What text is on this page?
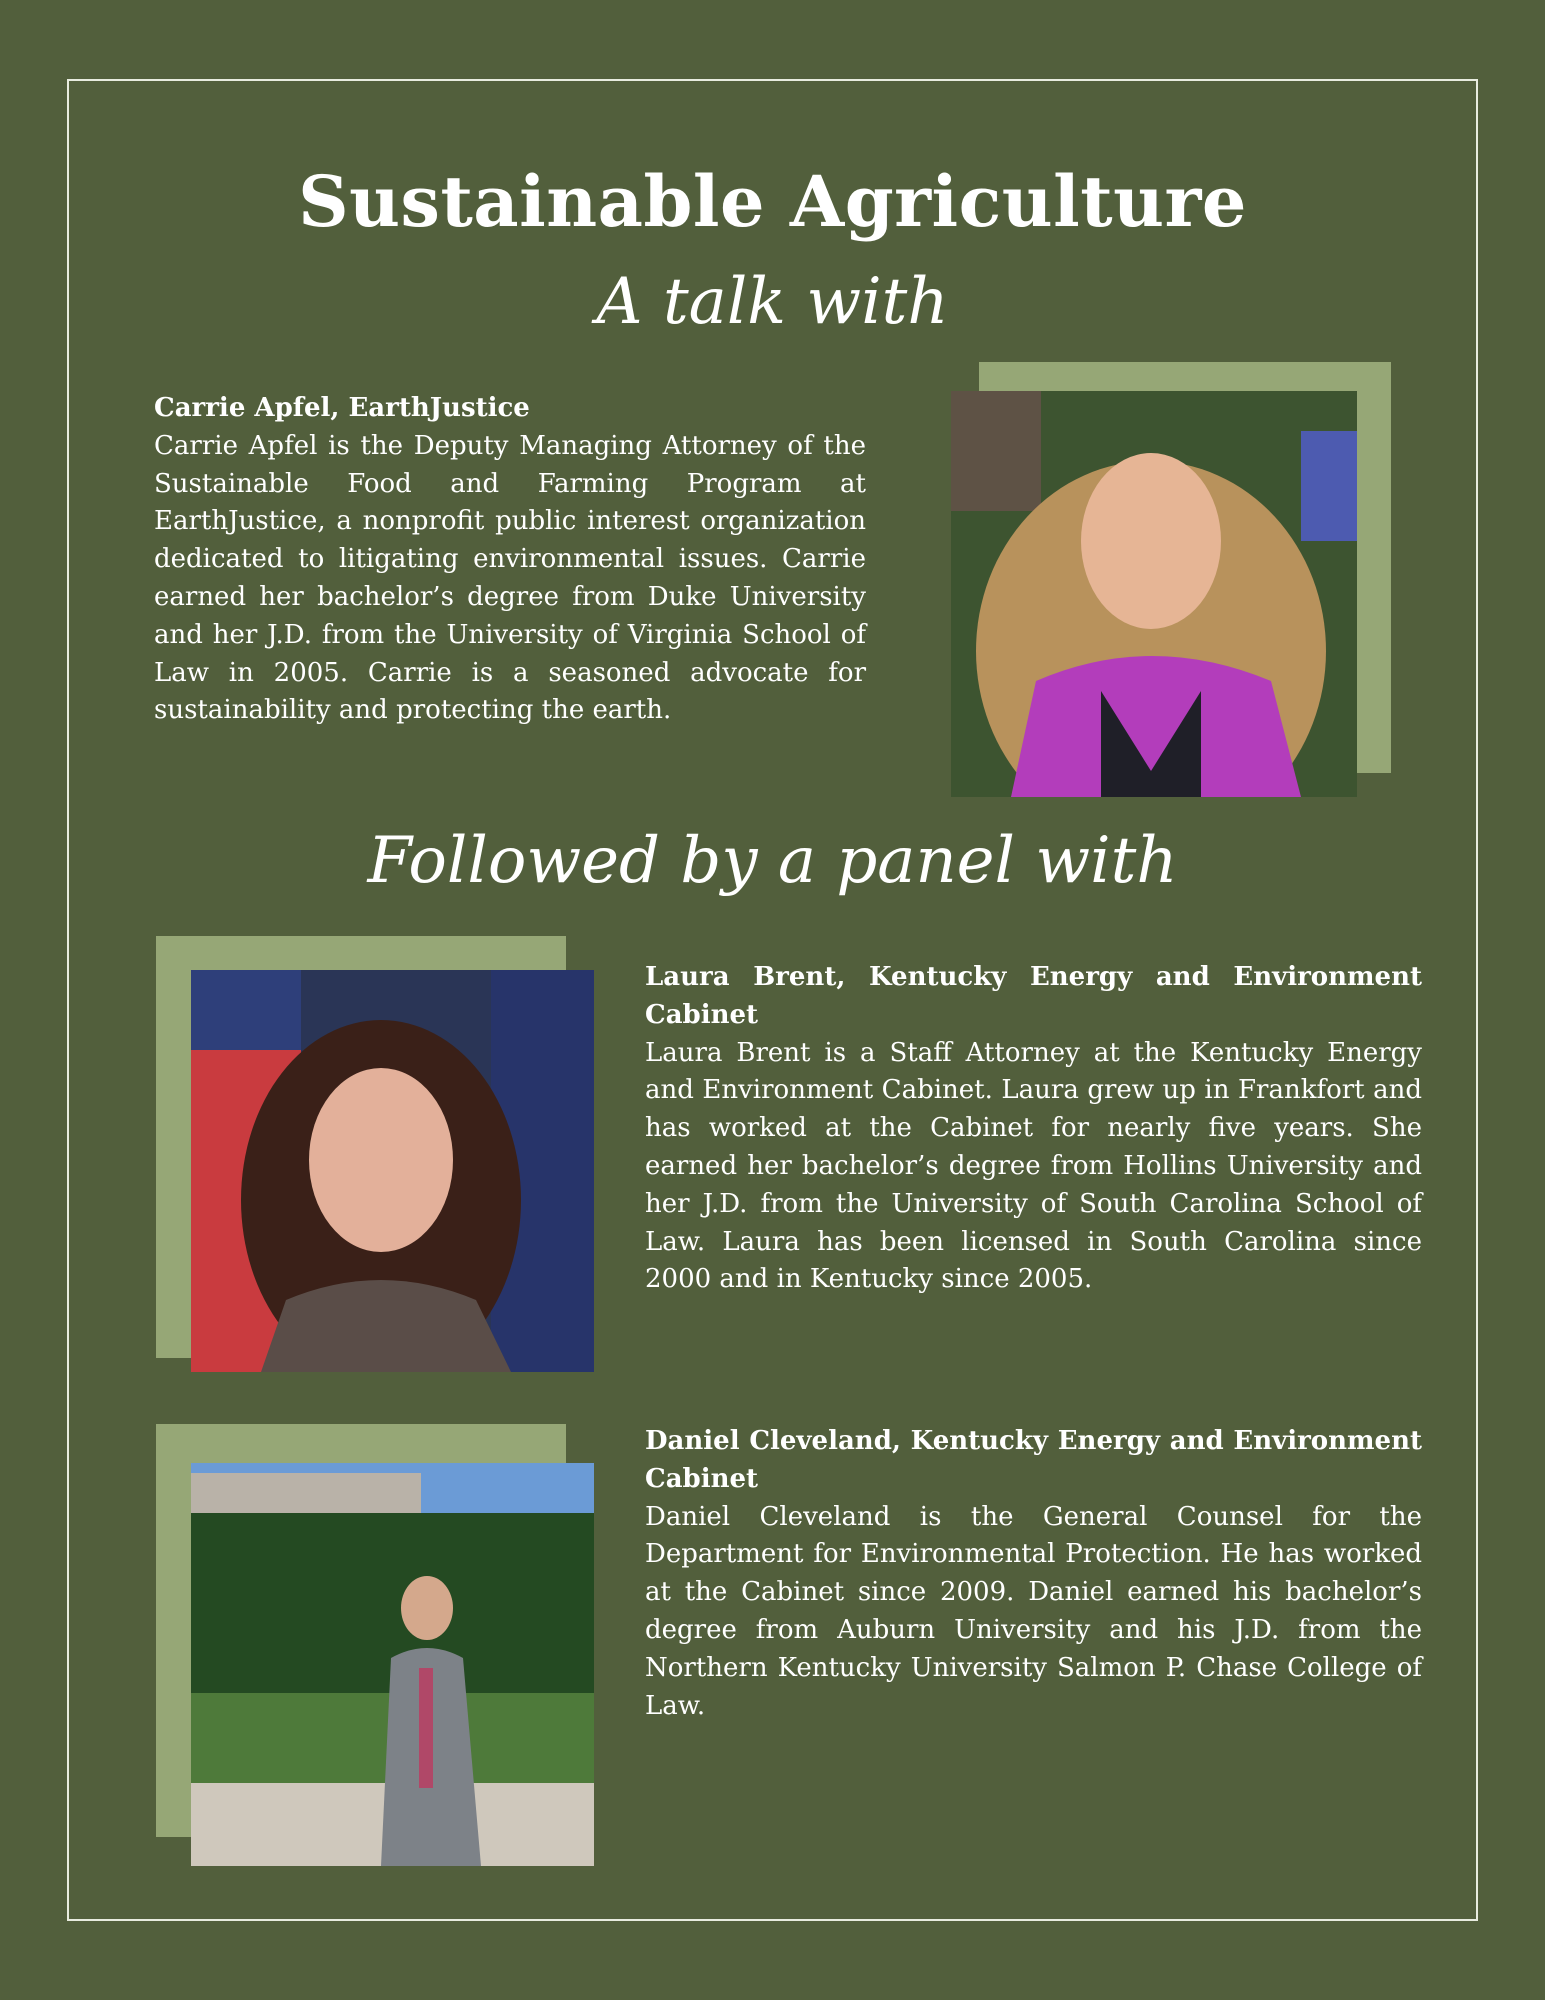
Sustainable Agriculture
A talk with
Carrie Apfel, EarthJustice
Carrie Apfel is the Deputy Managing Attorney of the Sustainable Food and Farming Program at EarthJustice, a nonprofit public interest organization dedicated to litigating environmental issues. Carrie earned her bachelor’s degree from Duke University and her J.D. from the University of Virginia School of Law in 2005. Carrie is a seasoned advocate for sustainability and protecting the earth.
Followed by a panel with
Laura Brent, Kentucky Energy and Environment Cabinet
Laura Brent is a Staff Attorney at the Kentucky Energy and Environment Cabinet. Laura grew up in Frankfort and has worked at the Cabinet for nearly five years. She earned her bachelor’s degree from Hollins University and her J.D. from the University of South Carolina School of Law. Laura has been licensed in South Carolina since 2000 and in Kentucky since 2005.
Daniel Cleveland, Kentucky Energy and Environment Cabinet
Daniel Cleveland is the General Counsel for the Department for Environmental Protection. He has worked at the Cabinet since 2009. Daniel earned his bachelor’s degree from Auburn University and his J.D. from the Northern Kentucky University Salmon P. Chase College of Law.
